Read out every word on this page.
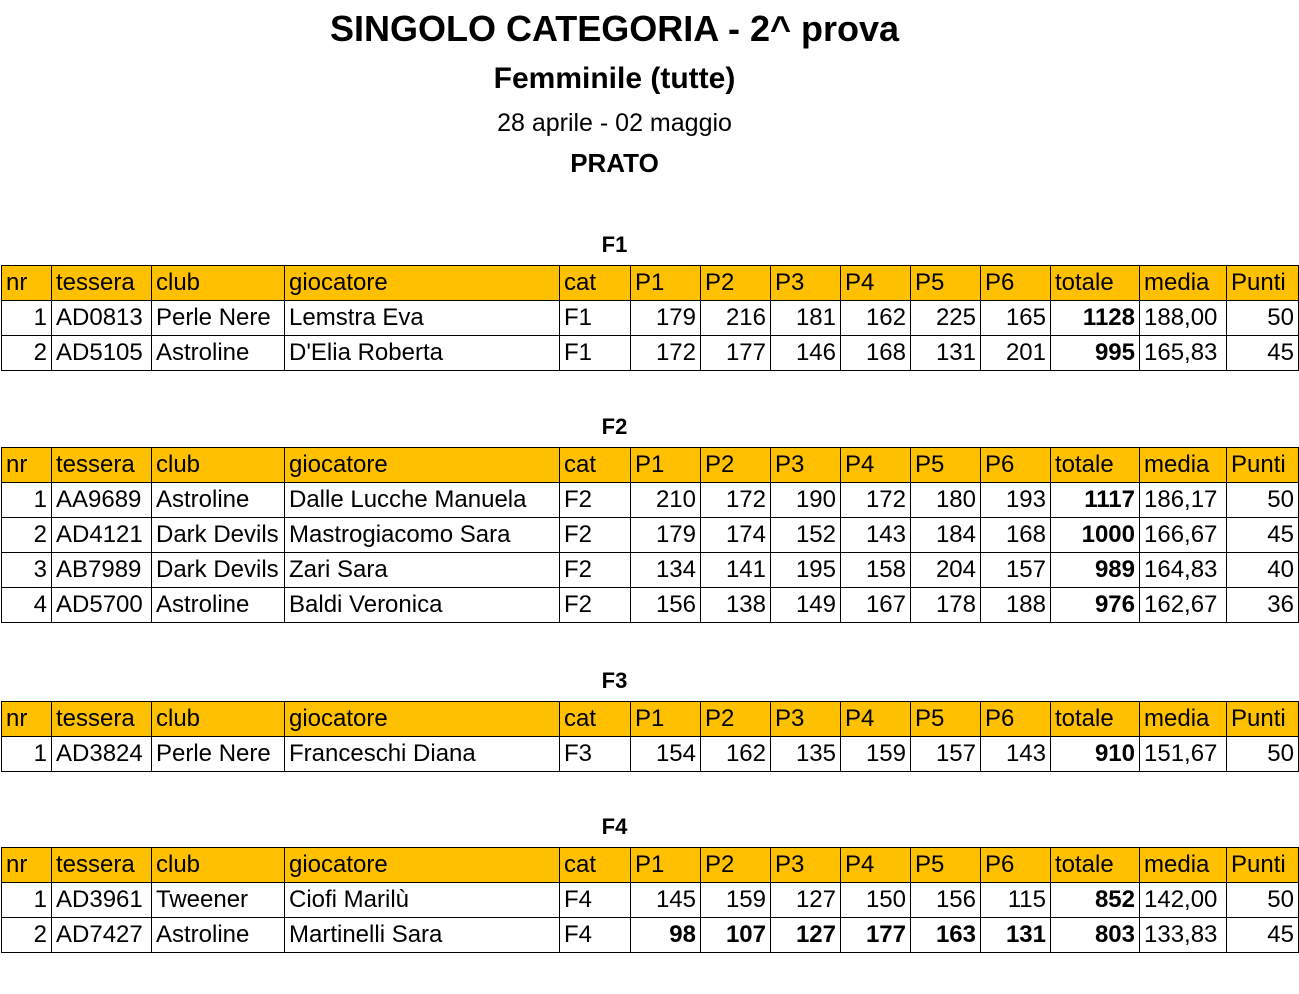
SINGOLO CATEGORIA - 2^ prova
Femminile (tutte)
28 aprile - 02 maggio
PRATO
F1
nr	tessera	club	giocatore	cat	P1	P2	P3	P4	P5	P6	totale	media	Punti
1	AD0813	Perle Nere	Lemstra Eva	F1	179	216	181	162	225	165	1128	188,00	50
2	AD5105	Astroline	D'Elia Roberta	F1	172	177	146	168	131	201	995	165,83	45
F2
nr	tessera	club	giocatore	cat	P1	P2	P3	P4	P5	P6	totale	media	Punti
1	AA9689	Astroline	Dalle Lucche Manuela	F2	210	172	190	172	180	193	1117	186,17	50
2	AD4121	Dark Devils	Mastrogiacomo Sara	F2	179	174	152	143	184	168	1000	166,67	45
3	AB7989	Dark Devils	Zari Sara	F2	134	141	195	158	204	157	989	164,83	40
4	AD5700	Astroline	Baldi Veronica	F2	156	138	149	167	178	188	976	162,67	36
F3
nr	tessera	club	giocatore	cat	P1	P2	P3	P4	P5	P6	totale	media	Punti
1	AD3824	Perle Nere	Franceschi Diana	F3	154	162	135	159	157	143	910	151,67	50
F4
nr	tessera	club	giocatore	cat	P1	P2	P3	P4	P5	P6	totale	media	Punti
1	AD3961	Tweener	Ciofi Marilù	F4	145	159	127	150	156	115	852	142,00	50
2	AD7427	Astroline	Martinelli Sara	F4	98	107	127	177	163	131	803	133,83	45
